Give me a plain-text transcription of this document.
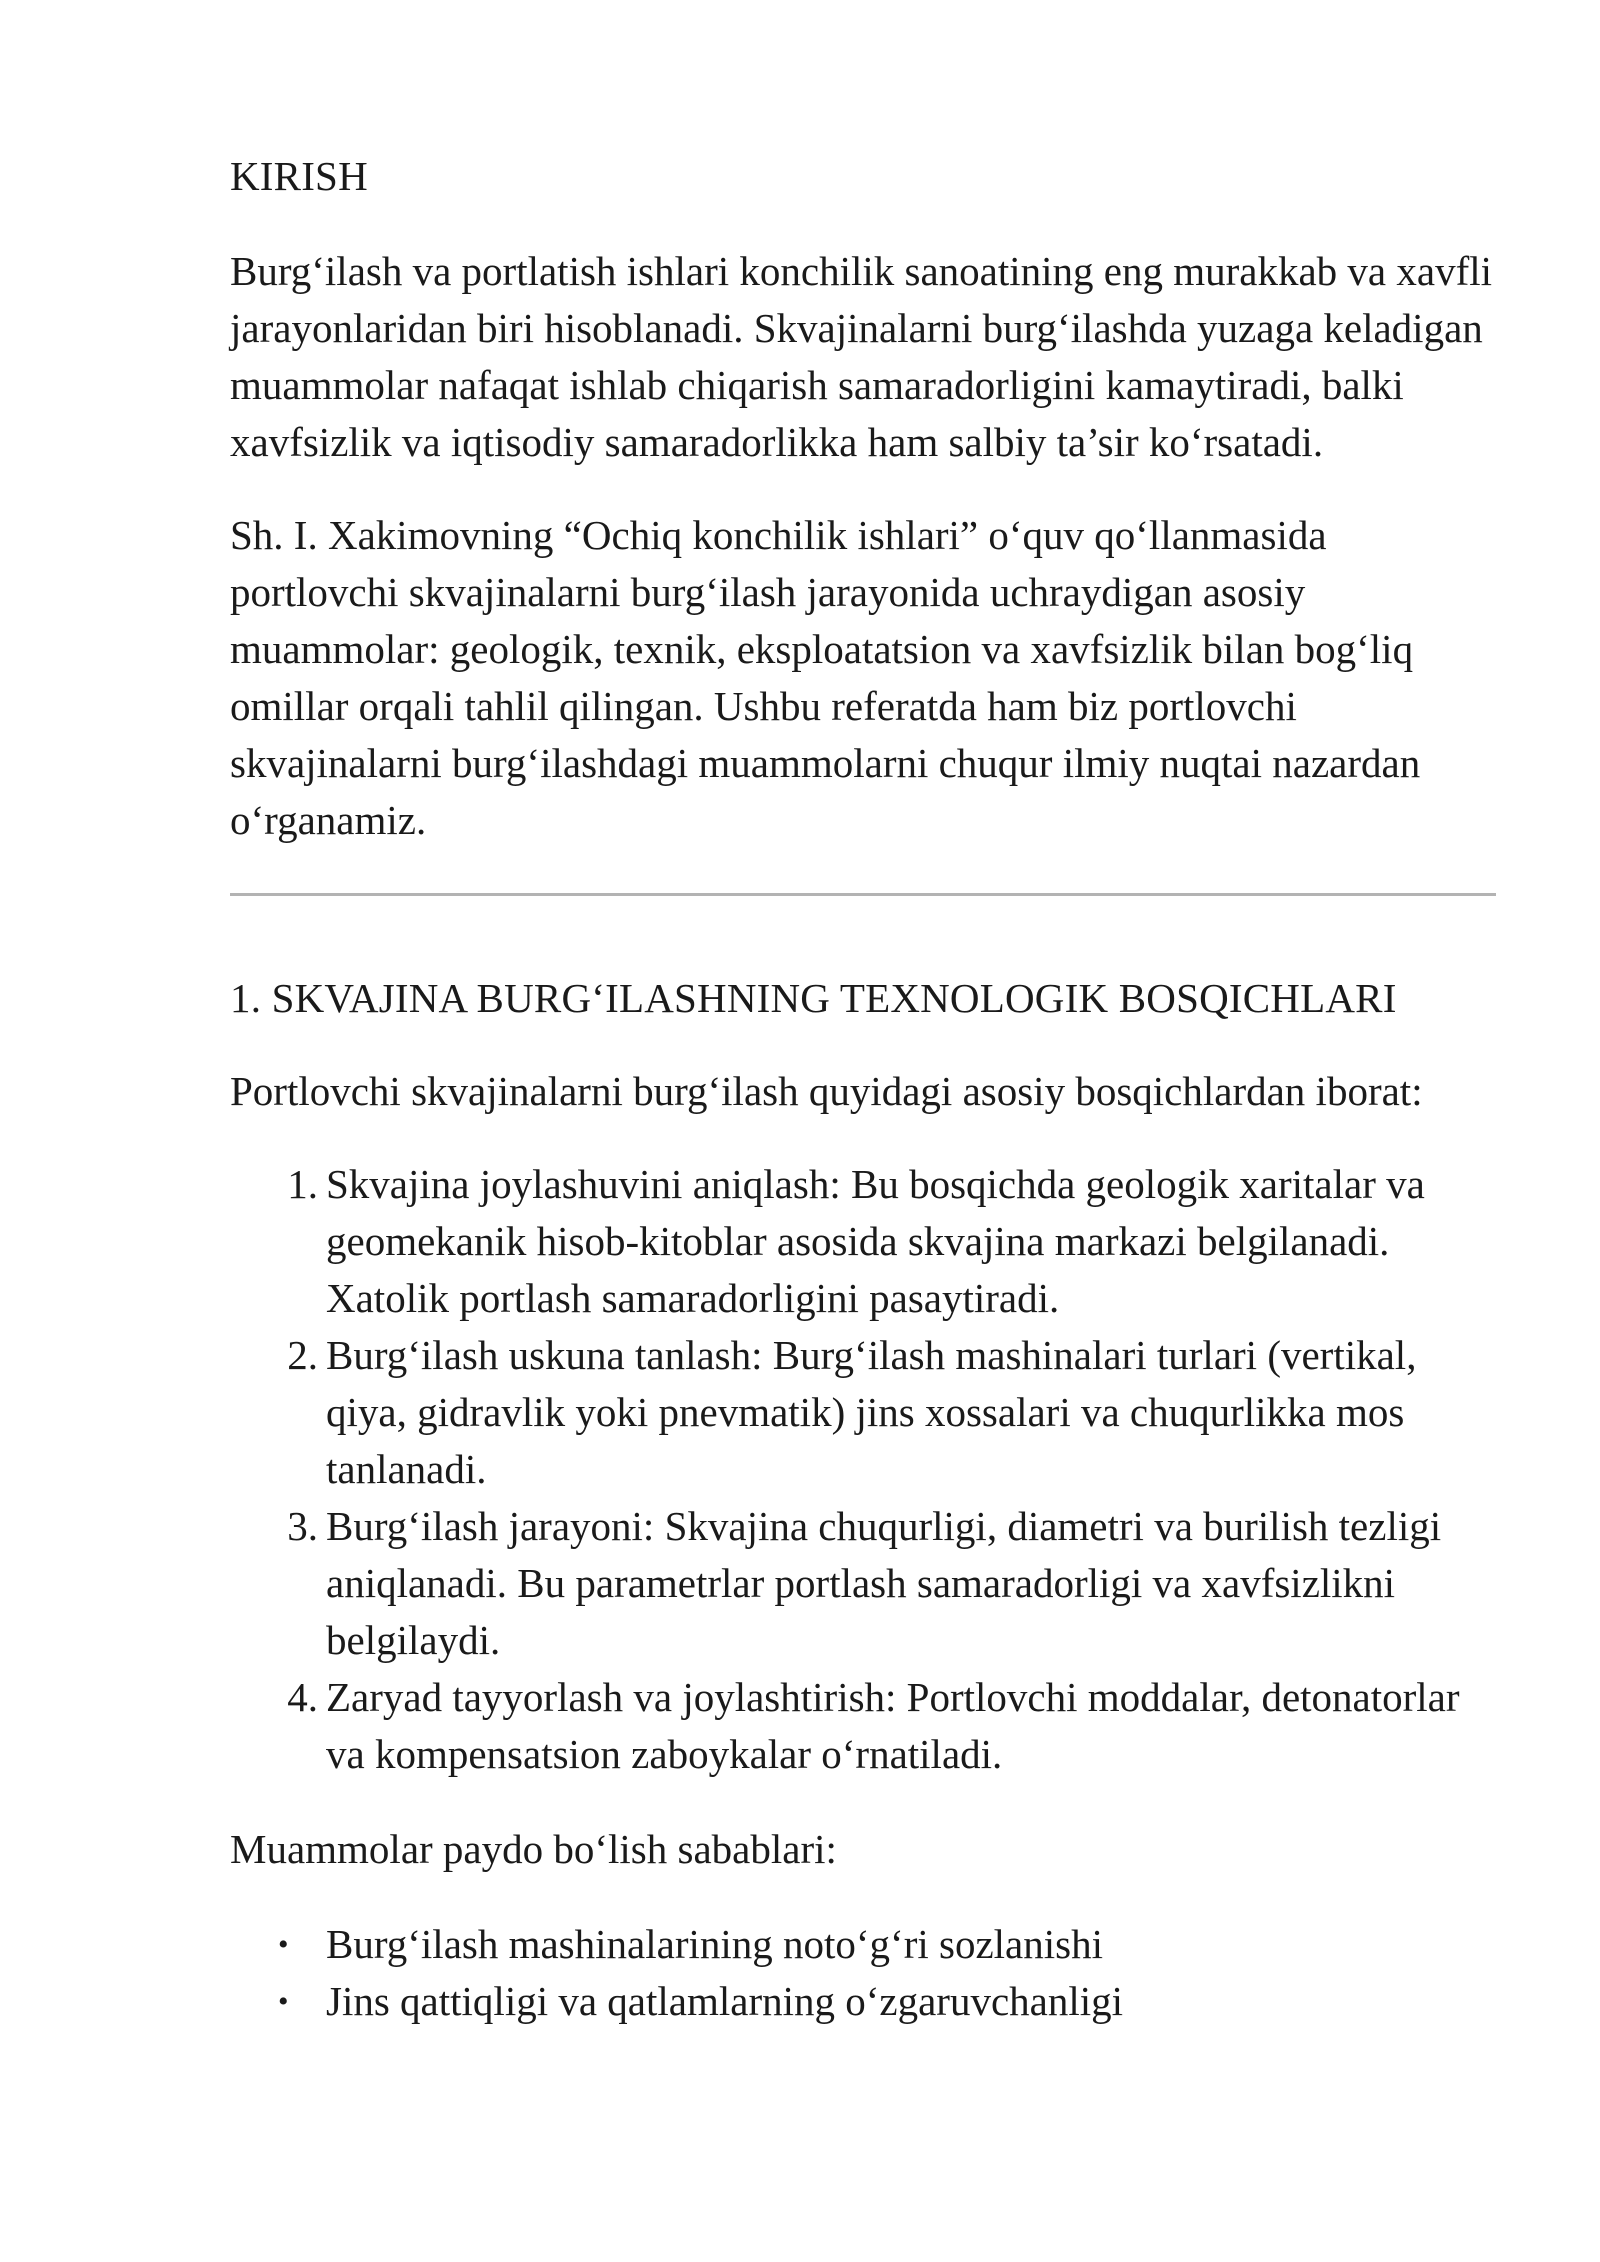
KIRISH

Burg‘ilash va portlatish ishlari konchilik sanoatining eng murakkab va xavfli jarayonlaridan biri hisoblanadi. Skvajinalarni burg‘ilashda yuzaga keladigan muammolar nafaqat ishlab chiqarish samaradorligini kamaytiradi, balki xavfsizlik va iqtisodiy samaradorlikka ham salbiy ta’sir ko‘rsatadi.

Sh. I. Xakimovning “Ochiq konchilik ishlari” o‘quv qo‘llanmasida portlovchi skvajinalarni burg‘ilash jarayonida uchraydigan asosiy muammolar: geologik, texnik, eksploatatsion va xavfsizlik bilan bog‘liq omillar orqali tahlil qilingan. Ushbu referatda ham biz portlovchi skvajinalarni burg‘ilashdagi muammolarni chuqur ilmiy nuqtai nazardan o‘rganamiz.

1. SKVAJINA BURG‘ILASHNING TEXNOLOGIK BOSQICHLARI

Portlovchi skvajinalarni burg‘ilash quyidagi asosiy bosqichlardan iborat:

1. Skvajina joylashuvini aniqlash: Bu bosqichda geologik xaritalar va geomekanik hisob-kitoblar asosida skvajina markazi belgilanadi. Xatolik portlash samaradorligini pasaytiradi.
2. Burg‘ilash uskuna tanlash: Burg‘ilash mashinalari turlari (vertikal, qiya, gidravlik yoki pnevmatik) jins xossalari va chuqurlikka mos tanlanadi.
3. Burg‘ilash jarayoni: Skvajina chuqurligi, diametri va burilish tezligi aniqlanadi. Bu parametrlar portlash samaradorligi va xavfsizlikni belgilaydi.
4. Zaryad tayyorlash va joylashtirish: Portlovchi moddalar, detonatorlar va kompensatsion zaboykalar o‘rnatiladi.

Muammolar paydo bo‘lish sabablari:

• Burg‘ilash mashinalarining noto‘g‘ri sozlanishi
• Jins qattiqligi va qatlamlarning o‘zgaruvchanligi
